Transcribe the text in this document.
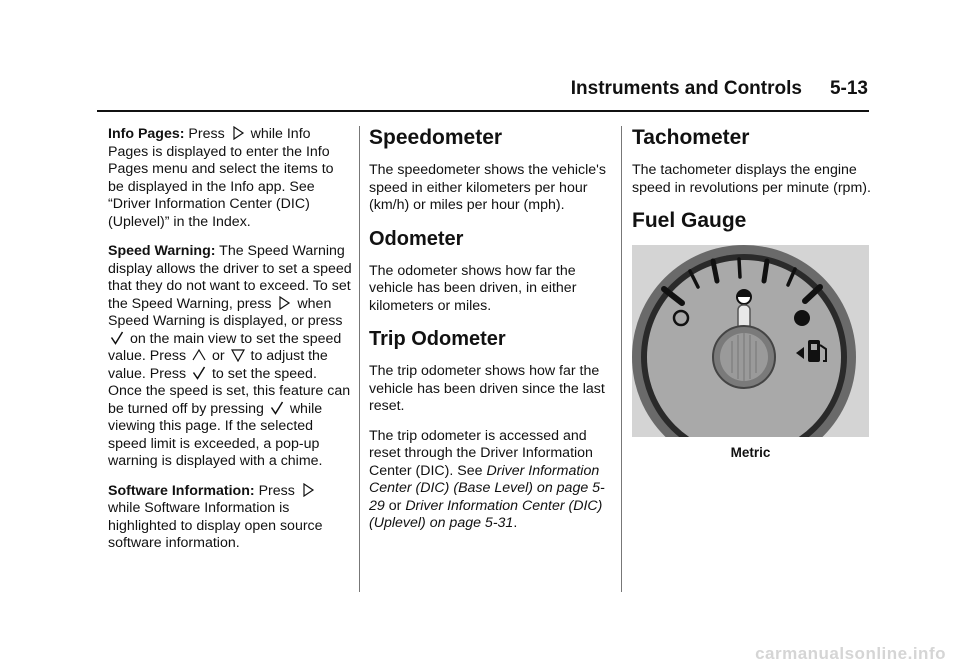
Instruments and Controls 5-13

Info Pages: Press while Info Pages is displayed to enter the Info Pages menu and select the items to be displayed in the Info app. See “Driver Information Center (DIC) (Uplevel)” in the Index.

Speed Warning: The Speed Warning display allows the driver to set a speed that they do not want to exceed. To set the Speed Warning, press when Speed Warning is displayed, or press
on the main view to set the speed value. Press or to adjust the value. Press to set the speed. Once the speed is set, this feature can be turned off by pressing while viewing this page. If the selected speed limit is exceeded, a pop-up warning is displayed with a chime.

Software Information: Press
while Software Information is highlighted to display open source software information.

Speedometer

The speedometer shows the vehicle's speed in either kilometers per hour (km/h) or miles per hour (mph).

Odometer

The odometer shows how far the vehicle has been driven, in either kilometers or miles.

Trip Odometer

The trip odometer shows how far the vehicle has been driven since the last reset.

The trip odometer is accessed and reset through the Driver Information Center (DIC). See Driver Information Center (DIC) (Base Level) on page 5-29 or Driver Information Center (DIC) (Uplevel) on page 5-31.

Tachometer

The tachometer displays the engine speed in revolutions per minute (rpm).

Fuel Gauge
Metric
carmanualsonline.info
